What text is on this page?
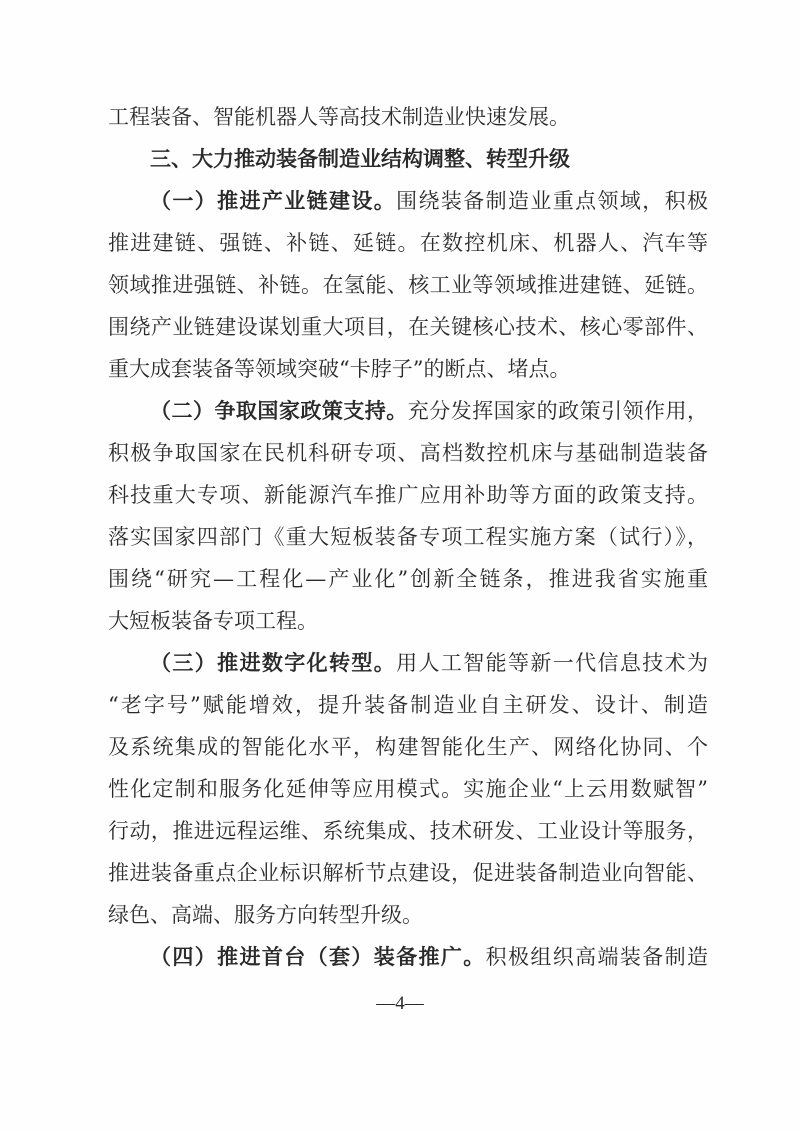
工程装备、智能机器人等高技术制造业快速发展。
三、大力推动装备制造业结构调整、转型升级
（一）推进产业链建设。围绕装备制造业重点领域，积极
推进建链、强链、补链、延链。在数控机床、机器人、汽车等
领域推进强链、补链。在氢能、核工业等领域推进建链、延链。
围绕产业链建设谋划重大项目，在关键核心技术、核心零部件、
重大成套装备等领域突破“卡脖子”的断点、堵点。
（二）争取国家政策支持。充分发挥国家的政策引领作用，
积极争取国家在民机科研专项、高档数控机床与基础制造装备
科技重大专项、新能源汽车推广应用补助等方面的政策支持。
落实国家四部门《重大短板装备专项工程实施方案（试行）》，
围绕“研究—工程化—产业化”创新全链条，推进我省实施重
大短板装备专项工程。
（三）推进数字化转型。用人工智能等新一代信息技术为
“老字号”赋能增效，提升装备制造业自主研发、设计、制造
及系统集成的智能化水平，构建智能化生产、网络化协同、个
性化定制和服务化延伸等应用模式。实施企业“上云用数赋智”
行动，推进远程运维、系统集成、技术研发、工业设计等服务，
推进装备重点企业标识解析节点建设，促进装备制造业向智能、
绿色、高端、服务方向转型升级。
（四）推进首台（套）装备推广。积极组织高端装备制造
—4—
